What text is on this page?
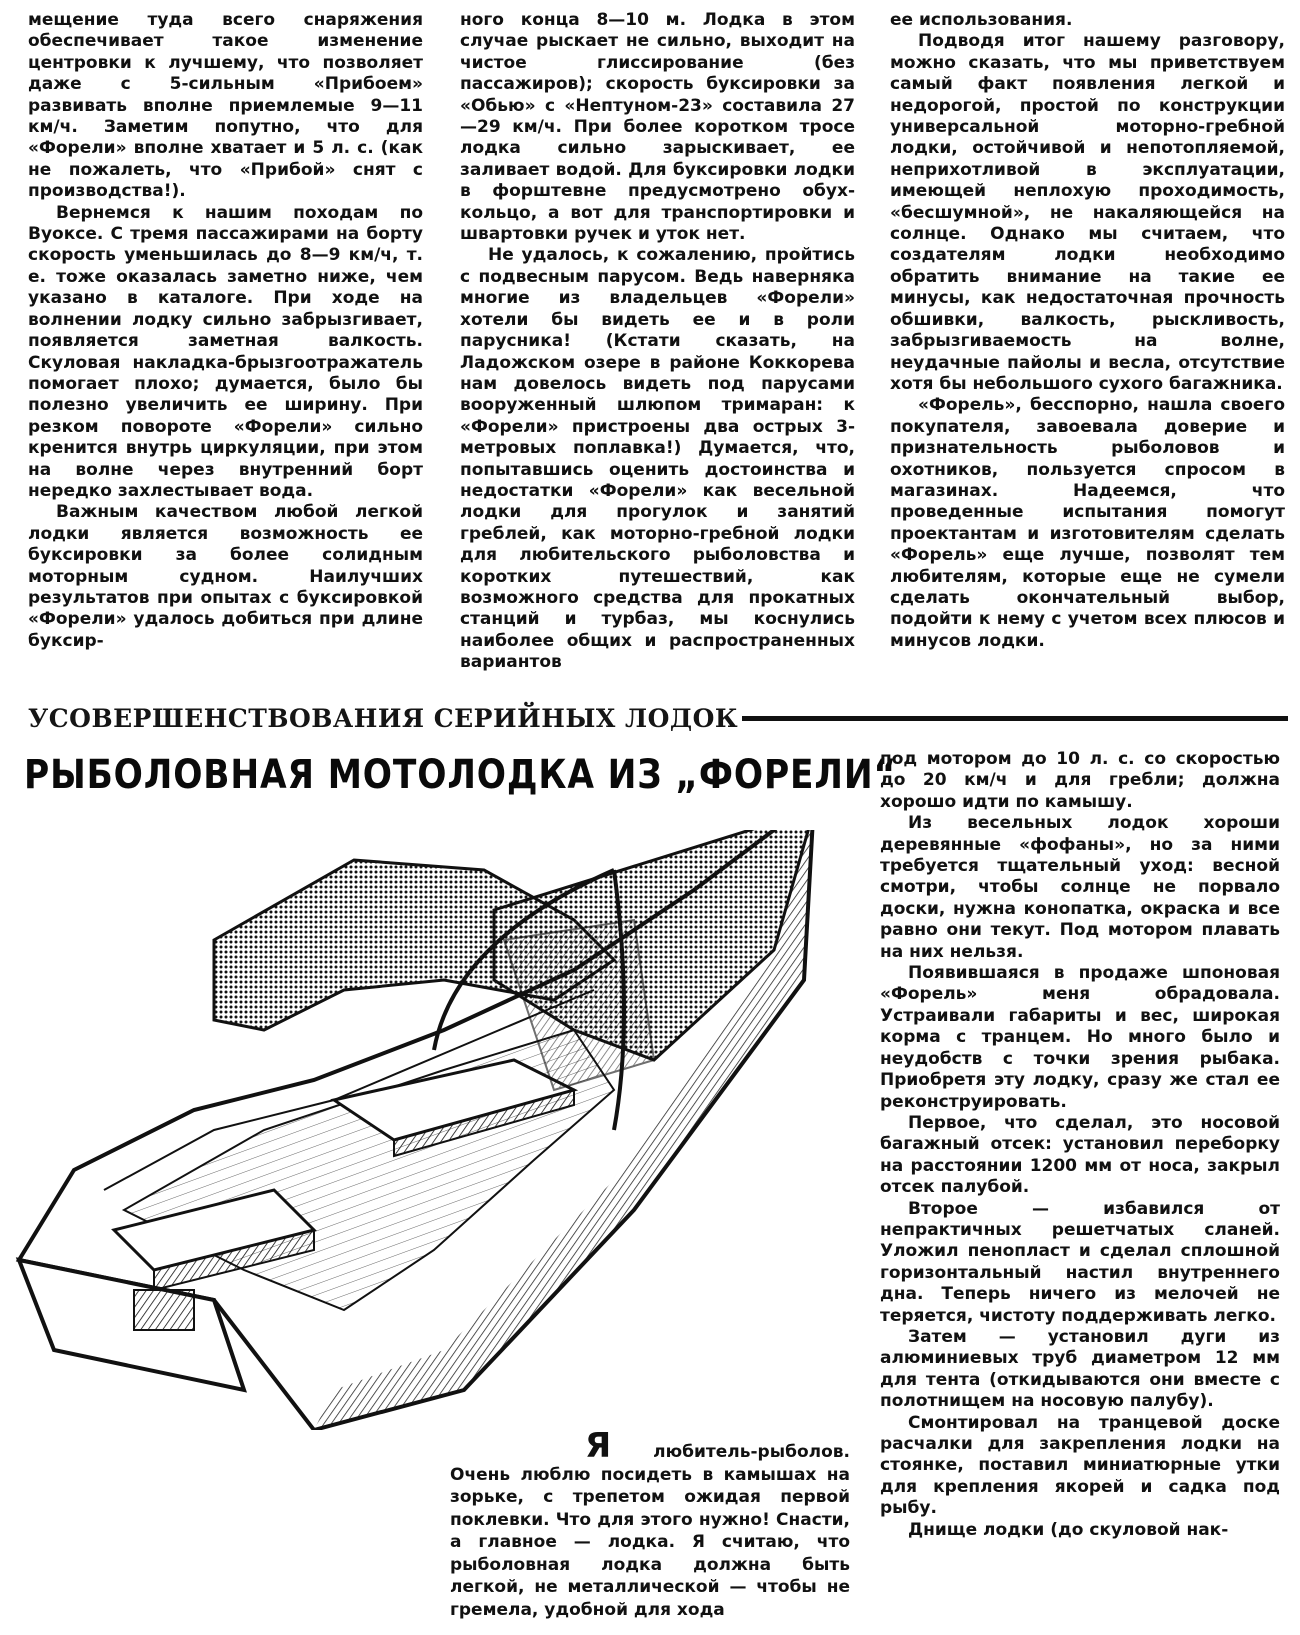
мещение туда всего снаряжения обеспечивает такое изменение центровки к лучшему, что позволяет даже с 5-сильным «Прибоем» развивать вполне приемлемые 9—11 км/ч. Заметим попутно, что для «Форели» вполне хватает и 5 л. с. (как не пожалеть, что «Прибой» снят с производства!).

Вернемся к нашим походам по Вуоксе. С тремя пассажирами на борту скорость уменьшилась до 8—9 км/ч, т. е. тоже оказалась заметно ниже, чем указано в каталоге. При ходе на волнении лодку сильно забрызгивает, появляется заметная валкость. Скуловая накладка-брызгоотражатель помогает плохо; думается, было бы полезно увеличить ее ширину. При резком повороте «Форели» сильно кренится внутрь циркуляции, при этом на волне через внутренний борт нередко захлестывает вода.

Важным качеством любой легкой лодки является возможность ее буксировки за более солидным моторным судном. Наилучших результатов при опытах с буксировкой «Форели» удалось добиться при длине буксир-

ного конца 8—10 м. Лодка в этом случае рыскает не сильно, выходит на чистое глиссирование (без пассажиров); скорость буксировки за «Обью» с «Нептуном-23» составила 27—29 км/ч. При более коротком тросе лодка сильно зарыскивает, ее заливает водой. Для буксировки лодки в форштевне предусмотрено обух-кольцо, а вот для транспортировки и швартовки ручек и уток нет.

Не удалось, к сожалению, пройтись с подвесным парусом. Ведь наверняка многие из владельцев «Форели» хотели бы видеть ее и в роли парусника! (Кстати сказать, на Ладожском озере в районе Коккорева нам довелось видеть под парусами вооруженный шлюпом тримаран: к «Форели» пристроены два острых 3-метровых поплавка!) Думается, что, попытавшись оценить достоинства и недостатки «Форели» как весельной лодки для прогулок и занятий греблей, как моторно-гребной лодки для любительского рыболовства и коротких путешествий, как возможного средства для прокатных станций и турбаз, мы коснулись наиболее общих и распространенных вариантов

ее использования.

Подводя итог нашему разговору, можно сказать, что мы приветствуем самый факт появления легкой и недорогой, простой по конструкции универсальной моторно-гребной лодки, остойчивой и непотопляемой, неприхотливой в эксплуатации, имеющей неплохую проходимость, «бесшумной», не накаляющейся на солнце. Однако мы считаем, что создателям лодки необходимо обратить внимание на такие ее минусы, как недостаточная прочность обшивки, валкость, рыскливость, забрызгиваемость на волне, неудачные пайолы и весла, отсутствие хотя бы небольшого сухого багажника.

«Форель», бесспорно, нашла своего покупателя, завоевала доверие и признательность рыболовов и охотников, пользуется спросом в магазинах. Надеемся, что проведенные испытания помогут проектантам и изготовителям сделать «Форель» еще лучше, позволят тем любителям, которые еще не сумели сделать окончательный выбор, подойти к нему с учетом всех плюсов и минусов лодки.

УСОВЕРШЕНСТВОВАНИЯ СЕРИЙНЫХ ЛОДОК
РЫБОЛОВНАЯ МОТОЛОДКА ИЗ „ФОРЕЛИ“
Я любитель-рыболов. Очень люблю посидеть в камышах на зорьке, с трепетом ожидая первой поклевки. Что для этого нужно! Снасти, а главное — лодка. Я считаю, что рыболовная лодка должна быть легкой, не металлической — чтобы не гремела, удобной для хода

под мотором до 10 л. с. со скоростью до 20 км/ч и для гребли; должна хорошо идти по камышу.

Из весельных лодок хороши деревянные «фофаны», но за ними требуется тщательный уход: весной смотри, чтобы солнце не порвало доски, нужна конопатка, окраска и все равно они текут. Под мотором плавать на них нельзя.

Появившаяся в продаже шпоновая «Форель» меня обрадовала. Устраивали габариты и вес, широкая корма с транцем. Но много было и неудобств с точки зрения рыбака. Приобретя эту лодку, сразу же стал ее реконструировать.

Первое, что сделал, это носовой багажный отсек: установил переборку на расстоянии 1200 мм от носа, закрыл отсек палубой.

Второе — избавился от непрактичных решетчатых сланей. Уложил пенопласт и сделал сплошной горизонтальный настил внутреннего дна. Теперь ничего из мелочей не теряется, чистоту поддерживать легко.

Затем — установил дуги из алюминиевых труб диаметром 12 мм для тента (откидываются они вместе с полотнищем на носовую палубу).

Смонтировал на транцевой доске расчалки для закрепления лодки на стоянке, поставил миниатюрные утки для крепления якорей и садка под рыбу.

Днище лодки (до скуловой нак-
